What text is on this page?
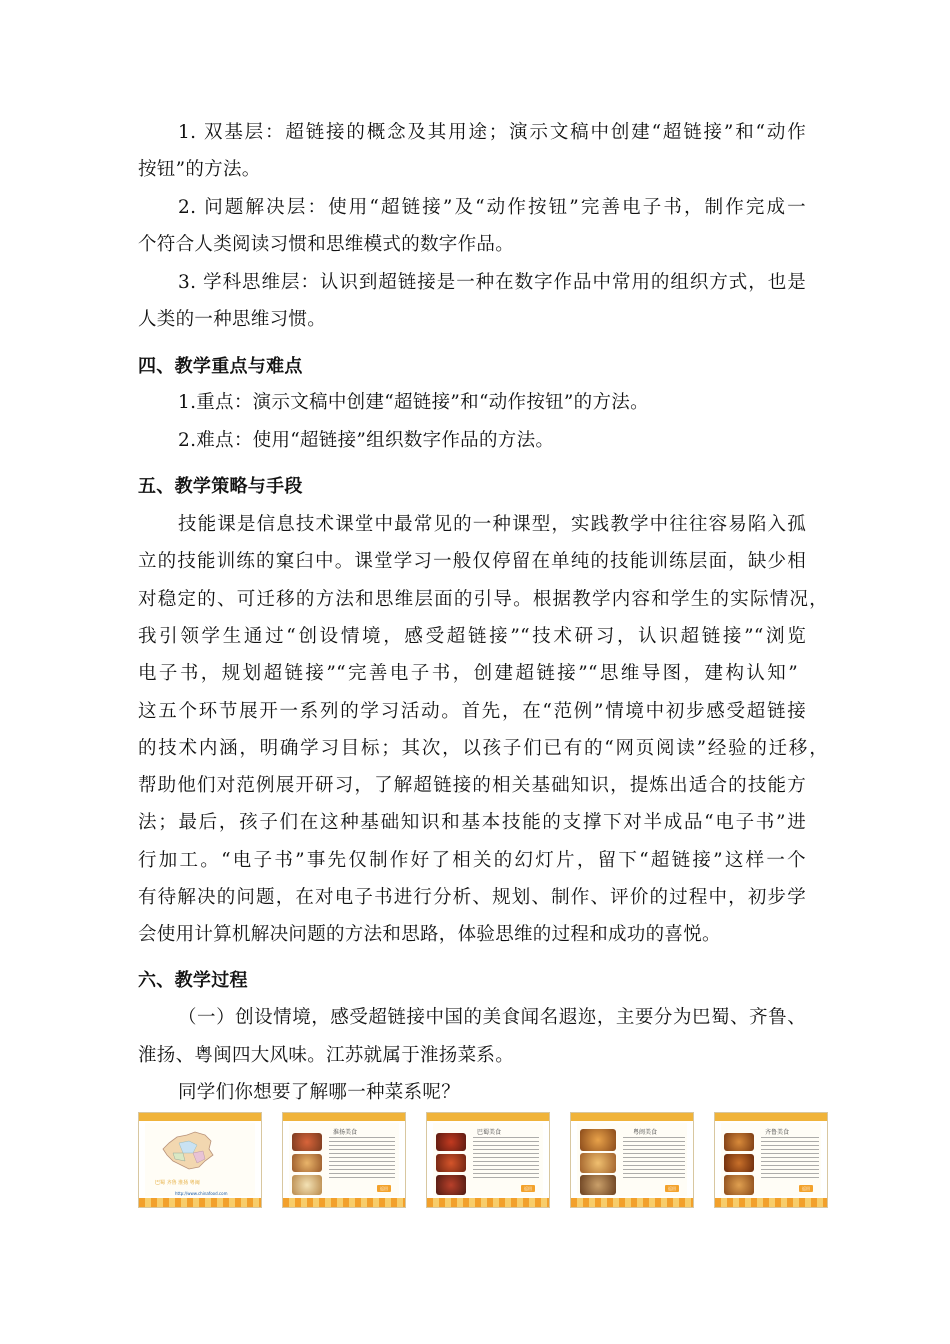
1. 双基层：超链接的概念及其用途；演示文稿中创建“超链接”和“动作
按钮”的方法。
2. 问题解决层：使用“超链接”及“动作按钮”完善电子书，制作完成一
个符合人类阅读习惯和思维模式的数字作品。
3. 学科思维层：认识到超链接是一种在数字作品中常用的组织方式，也是
人类的一种思维习惯。
四、教学重点与难点
1.重点：演示文稿中创建“超链接”和“动作按钮”的方法。
2.难点：使用“超链接”组织数字作品的方法。
五、教学策略与手段
技能课是信息技术课堂中最常见的一种课型，实践教学中往往容易陷入孤
立的技能训练的窠臼中。课堂学习一般仅停留在单纯的技能训练层面，缺少相
对稳定的、可迁移的方法和思维层面的引导。根据教学内容和学生的实际情况，
我引领学生通过“创设情境，感受超链接”“技术研习，认识超链接”“浏览
电子书，规划超链接”“完善电子书，创建超链接”“思维导图，建构认知”
这五个环节展开一系列的学习活动。首先，在“范例”情境中初步感受超链接
的技术内涵，明确学习目标；其次，以孩子们已有的“网页阅读”经验的迁移，
帮助他们对范例展开研习，了解超链接的相关基础知识，提炼出适合的技能方
法；最后，孩子们在这种基础知识和基本技能的支撑下对半成品“电子书”进
行加工。“电子书”事先仅制作好了相关的幻灯片，留下“超链接”这样一个
有待解决的问题，在对电子书进行分析、规划、制作、评价的过程中，初步学
会使用计算机解决问题的方法和思路，体验思维的过程和成功的喜悦。
六、教学过程
（一）创设情境，感受超链接中国的美食闻名遐迩，主要分为巴蜀、齐鲁、
淮扬、粤闽四大风味。江苏就属于淮扬菜系。
同学们你想要了解哪一种菜系呢？
巴蜀 齐鲁 淮扬 粤闽
http://www.chinafood.com
淮扬美食
返回
巴蜀美食
返回
粤闽美食
返回
齐鲁美食
返回
